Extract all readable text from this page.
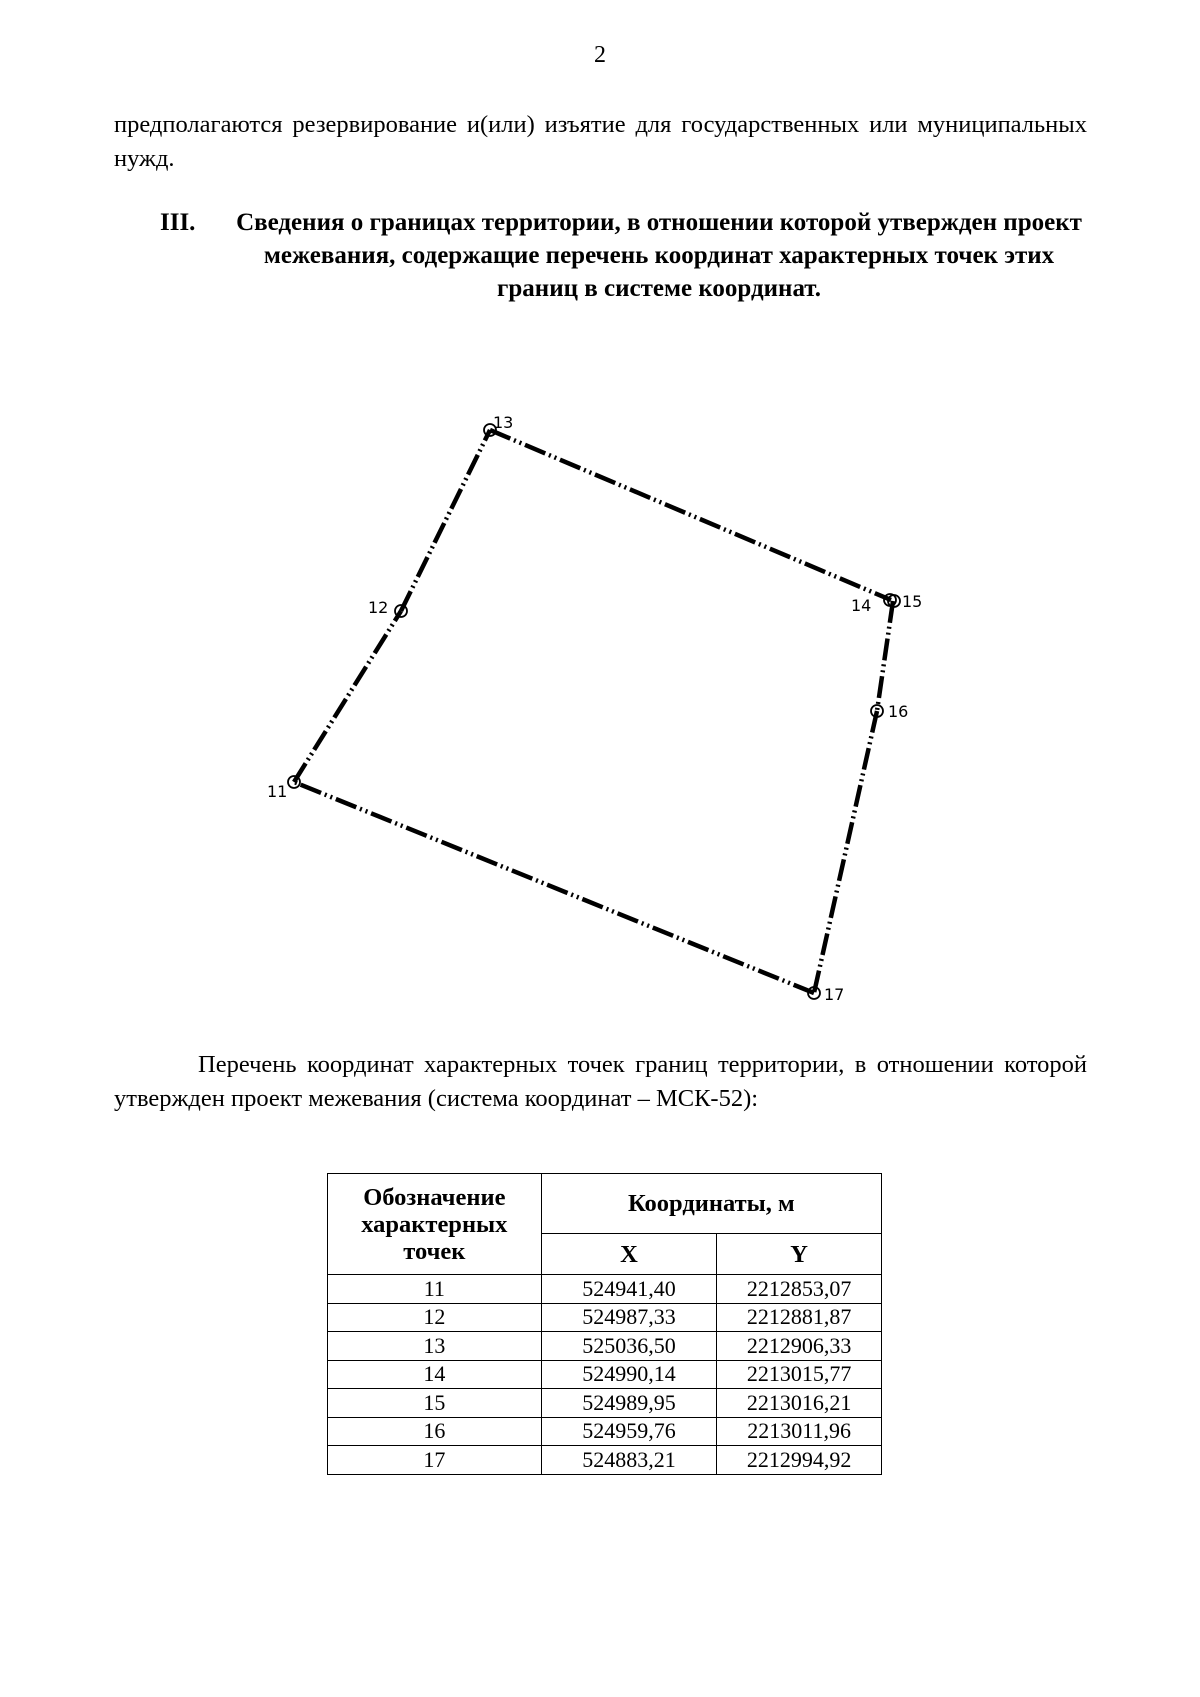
2
предполагаются резервирование и(или) изъятие для государственных или муниципальных нужд.
III.	Сведения о границах территории, в отношении которой утвержден проект межевания, содержащие перечень координат характерных точек этих границ в системе координат.
11
12
13
14 15
16
17
Перечень координат характерных точек границ территории, в отношении которой утвержден проект межевания (система координат – МСК-52):
Обозначение характерных точек	Координаты, м	
	X	Y
11	524941,40	2212853,07
12	524987,33	2212881,87
13	525036,50	2212906,33
14	524990,14	2213015,77
15	524989,95	2213016,21
16	524959,76	2213011,96
17	524883,21	2212994,92
